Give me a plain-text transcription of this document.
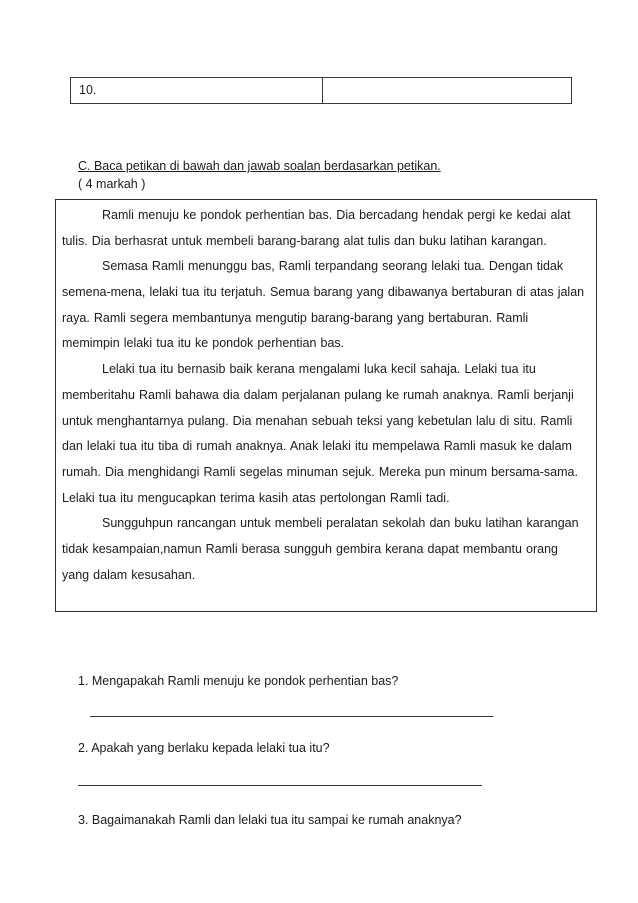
10.
C. Baca petikan di bawah dan jawab soalan berdasarkan petikan.
( 4 markah )
Ramli menuju ke pondok perhentian bas. Dia bercadang hendak pergi ke kedai alat
tulis. Dia berhasrat untuk membeli barang-barang alat tulis dan buku latihan karangan.
Semasa Ramli menunggu bas, Ramli terpandang seorang lelaki tua. Dengan tidak
semena-mena, lelaki tua itu terjatuh. Semua barang yang dibawanya bertaburan di atas jalan
raya. Ramli segera membantunya mengutip barang-barang yang bertaburan. Ramli
memimpin lelaki tua itu ke pondok perhentian bas.
Lelaki tua itu bernasib baik kerana mengalami luka kecil sahaja. Lelaki tua itu
memberitahu Ramli bahawa dia dalam perjalanan pulang ke rumah anaknya. Ramli berjanji
untuk menghantarnya pulang. Dia menahan sebuah teksi yang kebetulan lalu di situ. Ramli
dan lelaki tua itu tiba di rumah anaknya. Anak lelaki itu mempelawa Ramli masuk ke dalam
rumah. Dia menghidangi Ramli segelas minuman sejuk. Mereka pun minum bersama-sama.
Lelaki tua itu mengucapkan terima kasih atas pertolongan Ramli tadi.
Sungguhpun rancangan untuk membeli peralatan sekolah dan buku latihan karangan
tidak kesampaian,namun Ramli berasa sungguh gembira kerana dapat membantu orang
yang dalam kesusahan.
1. Mengapakah Ramli menuju ke pondok perhentian bas?
2. Apakah yang berlaku kepada lelaki tua itu?
3. Bagaimanakah Ramli dan lelaki tua itu sampai ke rumah anaknya?
